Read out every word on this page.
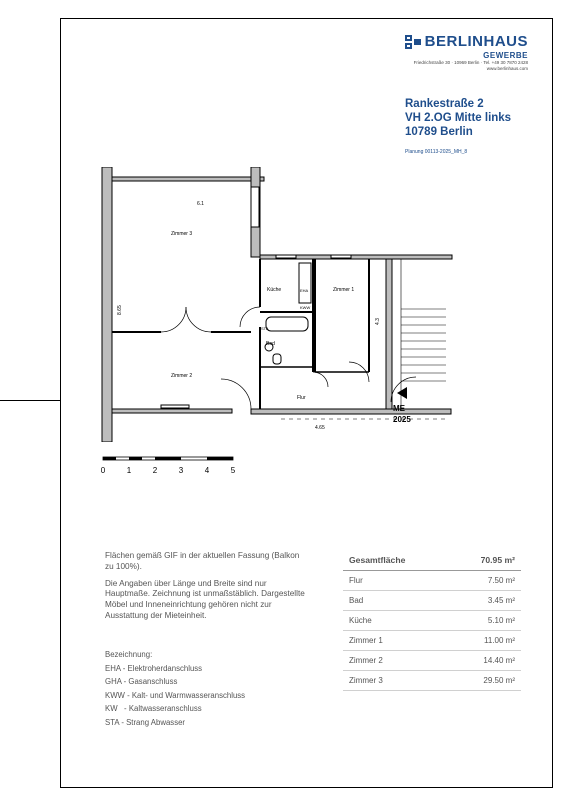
BERLINHAUS
GEWERBE
Friedrichstraße 30 · 10969 Berlin · Tel. +49 30 7870 2428
www.berlinhaus.com
Rankestraße 2
VH 2.OG Mitte links
10789 Berlin
Planung 00113-2025_MH_8
Zimmer 3
Zimmer 2
Küche	Zimmer 1
Bad
Flur
6.1
8.65
4.3
4.65
EHA
KWW
STA
ME
2025
0	1	2	3	4	5

Flächen gemäß GIF in der aktuellen Fassung (Balkon zu 100%).

Die Angaben über Länge und Breite sind nur Hauptmaße. Zeichnung ist unmaßstäblich. Dargestellte Möbel und Inneneinrichtung gehören nicht zur Ausstattung der Mieteinheit.

Bezeichnung:
EHA - Elektroherdanschluss
GHA - Gasanschluss
KWW - Kalt- und Warmwasseranschluss
KW   - Kaltwasseranschluss
STA - Strang Abwasser
Gesamtfläche	70.95 m²
Flur	7.50 m²
Bad	3.45 m²
Küche	5.10 m²
Zimmer 1	11.00 m²
Zimmer 2	14.40 m²
Zimmer 3	29.50 m²
